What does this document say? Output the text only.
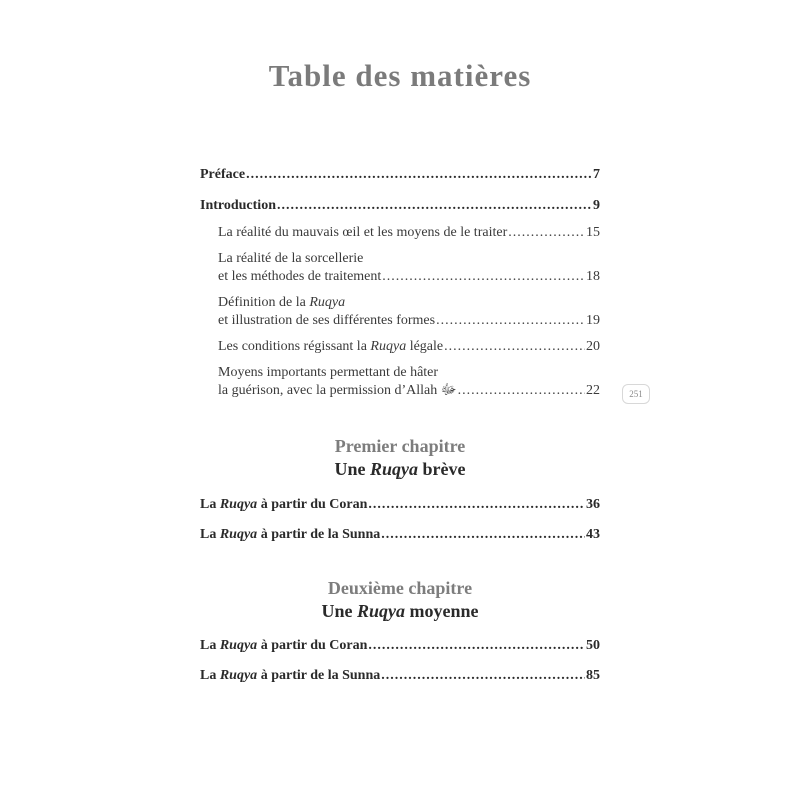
Table des matières
Préface .....	7
Introduction .....	9
La réalité du mauvais œil et les moyens de le traiter .....	15
La réalité de la sorcellerie
et les méthodes de traitement .....	18
Définition de la Ruqya
et illustration de ses différentes formes .....	19
Les conditions régissant la Ruqya légale .....	20
Moyens importants permettant de hâter
la guérison, avec la permission d’Allah ﷻ .....	22	251
Premier chapitre
Une Ruqya brève
La Ruqya à partir du Coran .....	36
La Ruqya à partir de la Sunna .....	43
Deuxième chapitre
Une Ruqya moyenne
La Ruqya à partir du Coran .....	50
La Ruqya à partir de la Sunna .....	85
